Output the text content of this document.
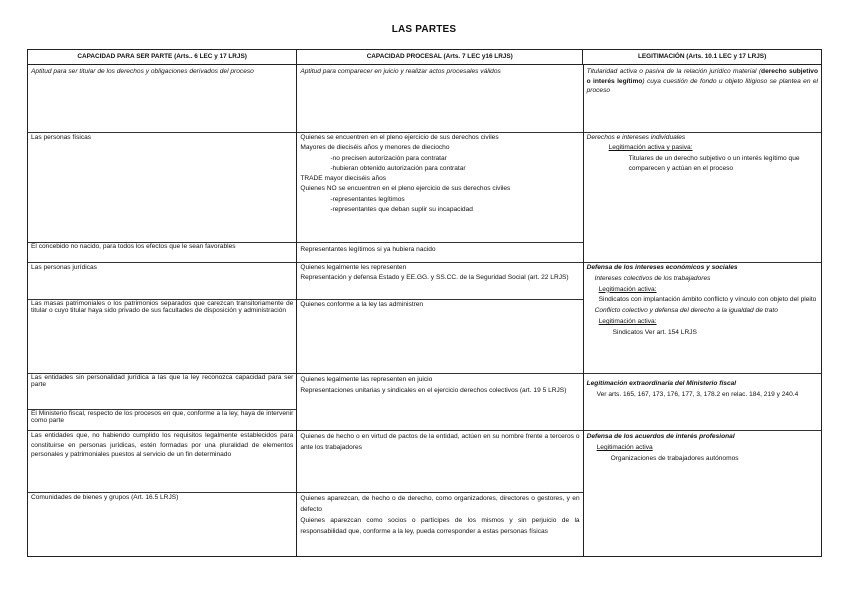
LAS PARTES
CAPACIDAD PARA SER PARTE (Arts.. 6 LEC y 17 LRJS)	CAPACIDAD PROCESAL (Arts. 7 LEC y16 LRJS)	LEGITIMACIÓN (Arts. 10.1 LEC y 17 LRJS)
Aptitud para ser titular de los derechos y obligaciones derivados del proceso
Las personas físicas
El concebido no nacido, para todos los efectos que le sean favorables
Las personas jurídicas
Las masas patrimoniales o los patrimonios separados que carezcan transitoriamente de titular o cuyo titular haya sido privado de sus facultades de disposición y administración
Las entidades sin personalidad jurídica a las que la ley reconozca capacidad para ser parte
El Ministerio fiscal, respecto de los procesos en que, conforme a la ley, haya de intervenir como parte
Las entidades que, no habiendo cumplido los requisitos legalmente establecidos para constituirse en personas jurídicas, estén formadas por una pluralidad de elementos personales y patrimoniales puestos al servicio de un fin determinado
Comunidades de bienes y grupos (Art. 16.5 LRJS)
Aptitud para comparecer en juicio y realizar actos procesales válidos

Quienes se encuentren en el pleno ejercicio de sus derechos civiles

Mayores de dieciséis años y menores de dieciocho

-no precisen autorización para contratar

-hubieran obtenido autorización para contratar

TRADE mayor dieciséis años

Quienes NO se encuentren en el pleno ejercicio de sus derechos civiles

-representantes legítimos

-representantes que deban suplir su incapacidad

Representantes legítimos si ya hubiera nacido

Quienes legalmente les representen

Representación y defensa Estado y EE.GG. y SS.CC. de la Seguridad Social (art. 22 LRJS)

Quienes conforme a la ley las administren

Quienes legalmente las representen en juicio

Representaciones unitarias y sindicales en el ejercicio derechos colectivos (art. 19 5 LRJS)

Quienes de hecho o en virtud de pactos de la entidad, actúen en su nombre frente a terceros o ante los trabajadores

Quienes aparezcan, de hecho o de derecho, como organizadores, directores o gestores, y en defecto

Quienes aparezcan como socios o partícipes de los mismos y sin perjuicio de la responsabilidad que, conforme a la ley, pueda corresponder a estas personas físicas

Titularidad activa o pasiva de la relación jurídico material (derecho subjetivo o interés legítimo) cuya cuestión de fondo u objeto litigioso se plantea en el proceso

Derechos e intereses individuales

Legitimación activa y pasiva:

Titulares de un derecho subjetivo o un interés legítimo que comparecen y actúan en el proceso

Defensa de los intereses económicos y sociales

Intereses colectivos de los trabajadores

Legitimación activa:

Sindicatos con implantación ámbito conflicto y vínculo con objeto del pleito

Conflicto colectivo y defensa del derecho a la igualdad de trato

Legitimación activa:

Sindicatos Ver art. 154 LRJS

Legitimación extraordinaria del Ministerio fiscal

Ver arts. 165, 167, 173, 176, 177, 3, 178.2 en relac. 184, 219 y 240.4

Defensa de los acuerdos de interés profesional

Legitimación activa

Organizaciones de trabajadores autónomos
